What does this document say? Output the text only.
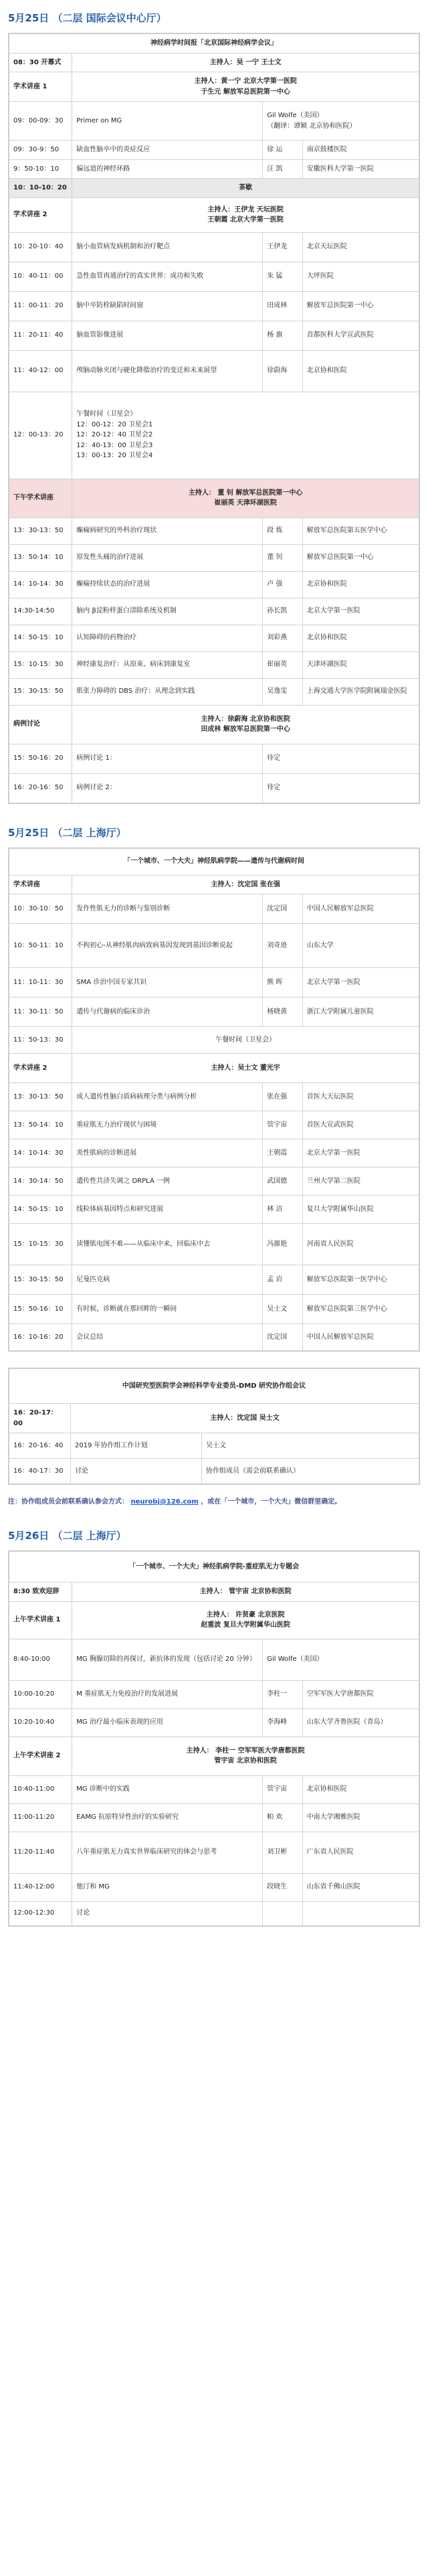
5月25日 （二层 国际会议中心厅）
神经病学时间报「北京国际神经病学会议」			
08：30 开幕式	主持人：吴 一宁 王士文		
学术讲座 1	主持人：黄一宁 北京大学第一医院
于生元 解放军总医院第一中心		

09：00-09：30	Primer on MG	Gil Wolfe（美国）
（翻译：谭颖 北京协和医院）	
09：30-9：50	缺血性脑卒中的炎症反应	徐 运	南京鼓楼医院
9：50-10：10	偏远道的神经环路	汪 凯	安徽医科大学第一医院
10：10-10：20	茶歇		
学术讲座 2	主持人：王伊龙 天坛医院
王朝霞 北京大学第一医院		

10：20-10：40	脑小血管病发病机制和治疗靶点	王伊龙	北京天坛医院
10：40-11：00	急性血管再通治疗的真实世界：成功和失败	朱 猛	大坪医院
11：00-11：20	脑中卒防栓缺陷时间窗	田成林	解放军总医院第一中心
11：20-11：40	脑血管影像进展	杨 旗	首都医科大学宣武医院
11：40-12：00	颅脑动脉夹闭与硬化降脂治疗的变迁和未来展望	徐蔚海	北京协和医院
12：00-13：20	午餐时间（卫星会）
12：00-12：20 卫星会1
12：20-12：40 卫星会2
12：40-13：00 卫星会3
13：00-13：20 卫星会4		

下午学术讲座	主持人： 董 钊 解放军总医院第一中心
崔丽英 天津环湖医院		

13：30-13：50	癫痫病研究的外科治疗现状	段 炼	解放军总医院第五医学中心
13：50-14：10	原发性头痛的治疗进展	董 钊	解放军总医院第一中心
14：10-14：30	癫痫持续状态的治疗进展	卢 强	北京协和医院
14:30-14:50	脑内 β淀粉样蛋白清除系统及机制	孙长凯	北京大学第一医院
14：50-15：10	认知障碍的药物治疗	刘彩燕	北京协和医院
15：10-15：30	神经康复治疗：从原束、病床到康复室	崔丽英	天津环湖医院
15：30-15：50	肌张力障碍的 DBS 治疗：从理念到实践	吴逸雯	上海交通大学医学院附属瑞金医院
病例讨论	主持人：徐蔚海 北京协和医院
田成林 解放军总医院第一中心		

15：50-16：20	病例讨论 1：	待定	
16：20-16：50	病例讨论 2：	待定	
5月25日 （二层 上海厅）
「一个城市、一个大夫」神经肌病学院——遗传与代谢病时间			
学术讲座	主持人：沈定国 张在强		
10：30-10：50	发作性肌无力的诊断与鉴别诊断	沈定国	中国人民解放军总医院
10：50-11：10	不拘初心-从神经肌肉病致病基因发现到基因诊断说起	刘奇迹	山东大学
11：10-11：30	SMA 诊治中国专家共识	熊 晖	北京大学第一医院
11：30-11：50	遗传与代谢病的临床诊治	杨晓黄	浙江大学附属儿童医院
11：50-13：30	午餐时间（卫星会）		
学术讲座 2	主持人：吴士文 董光宇		
13：30-13：50	成人遗传性脑白质病病理分类与病例分析	张在强	首医大天坛医院
13：50-14：10	重症肌无力治疗现状与困境	管宇宙	首医大宣武医院
14：10-14：30	炎性肌病的诊断进展	王朝霞	北京大学第一医院
14：30-14：50	遗传性共济失调之 DRPLA 一例	武国德	兰州大学第二医院
14：50-15：10	线粒体病基因特点和研究进展	林 洁	复旦大学附属华山医院
15：10-15：30	读懂肌电图不难——从临床中来，回临床中去	冯源艳	河南省人民医院
15：30-15：50	尼曼匹克病	孟 岩	解放军总医院第一医学中心
15：50-16：10	有时候，诊断就在那回眸的一瞬间	吴士文	解放军总医院第三医学中心
16：10-16：20	会议总结	沈定国	中国人民解放军总医院
中国研究型医院学会神经科学专业委员-DMD 研究协作组会议		
16：20-17：00	主持人：沈定国 吴士文	
16：20-16：40	2019 年协作组工作计划	吴士文
16：40-17：30	讨论	协作组成员（需会前联系确认）

注：协作组成员会前联系确认参会方式： neurobj@126.com ，或在「一个城市，一个大夫」微信群里确定。

5月26日 （二层 上海厅）
「一个城市、一个大夫」神经肌病学院-重症肌无力专题会			
8:30 致欢迎辞	主持人： 管宇宙 北京协和医院		
上午学术讲座 1	主持人： 许贤豪 北京医院
赵重波 复旦大学附属华山医院		

8:40-10:00	MG 胸腺切除的再探讨，新抗体的发现（包括讨论 20 分钟）	Gil Wolfe（美国）	
10:00-10:20	M 重症肌无力免疫治疗的发展进展	李柱一	空军军医大学唐都医院
10:20-10:40	MG 治疗最小临床表现的应用	李海峰	山东大学齐鲁医院（青岛）
上午学术讲座 2	主持人： 李柱一 空军军医大学唐都医院
管宇宙 北京协和医院		

10:40-11:00	MG 诊断中的实践	管宇宙	北京协和医院
11:00-11:20	EAMG 抗原特异性治疗的实验研究	帕 欢	中南大学湘雅医院
11:20-11:40	八年重症肌无力真实世界临床研究的体会与思考	刘卫彬	广东省人民医院
11:40-12:00	他汀和 MG	段晓生	山东省千佛山医院
12:00-12:30	讨论		
